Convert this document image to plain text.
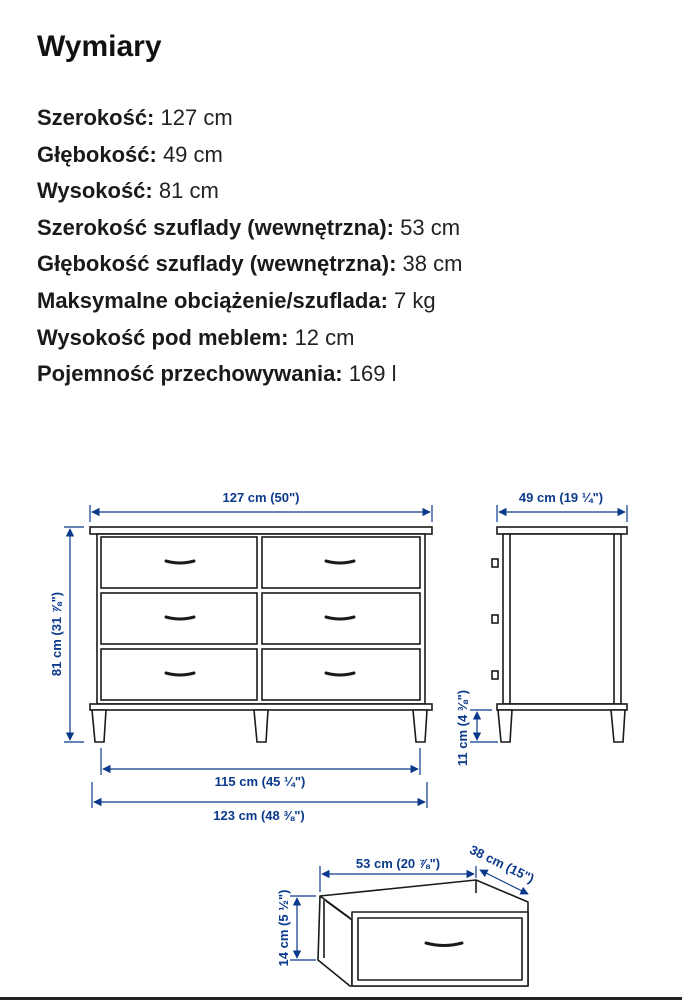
Wymiary
Szerokość: 127 cm
Głębokość: 49 cm
Wysokość: 81 cm
Szerokość szuflady (wewnętrzna): 53 cm
Głębokość szuflady (wewnętrzna): 38 cm
Maksymalne obciążenie/szuflada: 7 kg
Wysokość pod meblem: 12 cm
Pojemność przechowywania: 169 l
127 cm (50")
81 cm (31 ⅞")
115 cm (45 ¼")
123 cm (48 ⅜")
49 cm (19 ¼")
11 cm (4 ⅜")
53 cm (20 ⅞") 38 cm (15")
14 cm (5 ½")
